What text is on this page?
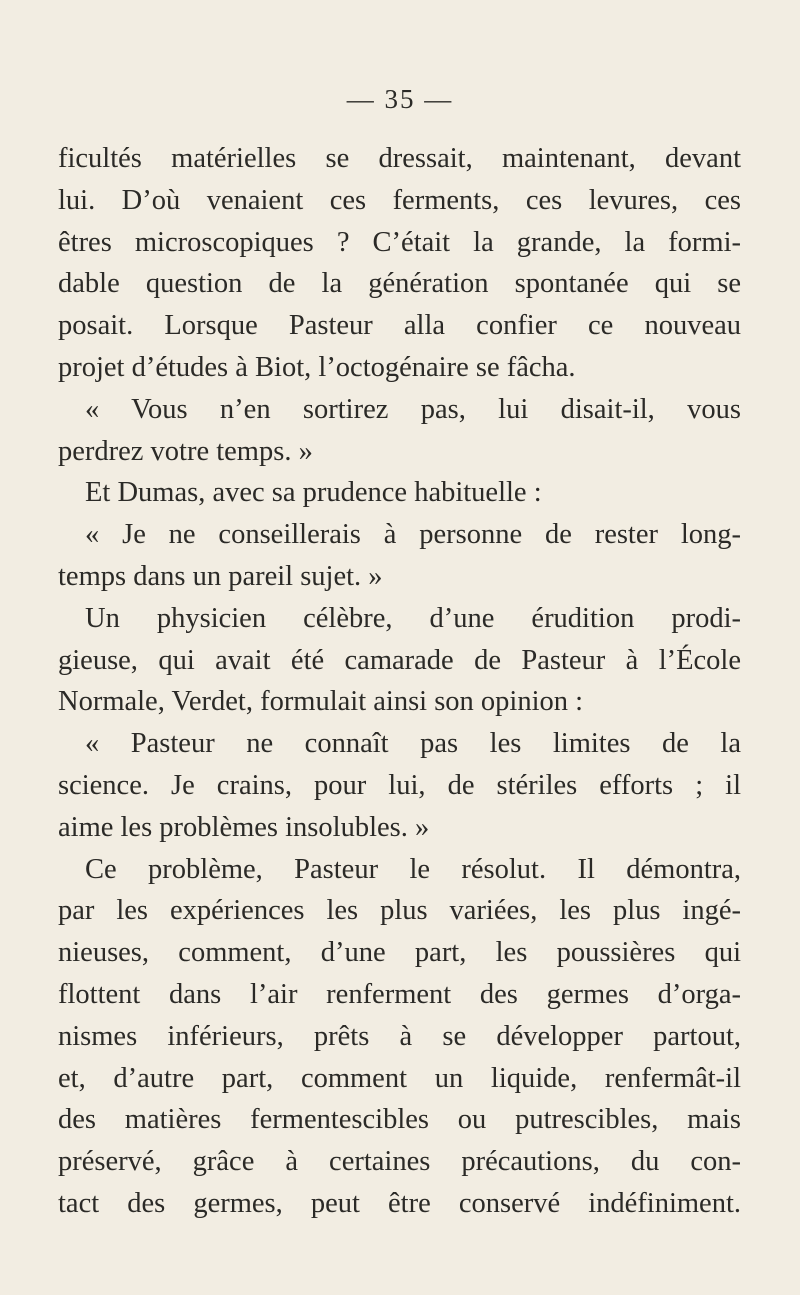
— 35 —
ficultés matérielles se dressait, maintenant, devant
lui. D’où venaient ces ferments, ces levures, ces
êtres microscopiques ? C’était la grande, la formi-
dable question de la génération spontanée qui se
posait. Lorsque Pasteur alla confier ce nouveau
projet d’études à Biot, l’octogénaire se fâcha.
« Vous n’en sortirez pas, lui disait-il, vous
perdrez votre temps. »
Et Dumas, avec sa prudence habituelle :
« Je ne conseillerais à personne de rester long-
temps dans un pareil sujet. »
Un physicien célèbre, d’une érudition prodi-
gieuse, qui avait été camarade de Pasteur à l’École
Normale, Verdet, formulait ainsi son opinion :
« Pasteur ne connaît pas les limites de la
science. Je crains, pour lui, de stériles efforts ; il
aime les problèmes insolubles. »
Ce problème, Pasteur le résolut. Il démontra,
par les expériences les plus variées, les plus ingé-
nieuses, comment, d’une part, les poussières qui
flottent dans l’air renferment des germes d’orga-
nismes inférieurs, prêts à se développer partout,
et, d’autre part, comment un liquide, renfermât-il
des matières fermentescibles ou putrescibles, mais
préservé, grâce à certaines précautions, du con-
tact des germes, peut être conservé indéfiniment.
